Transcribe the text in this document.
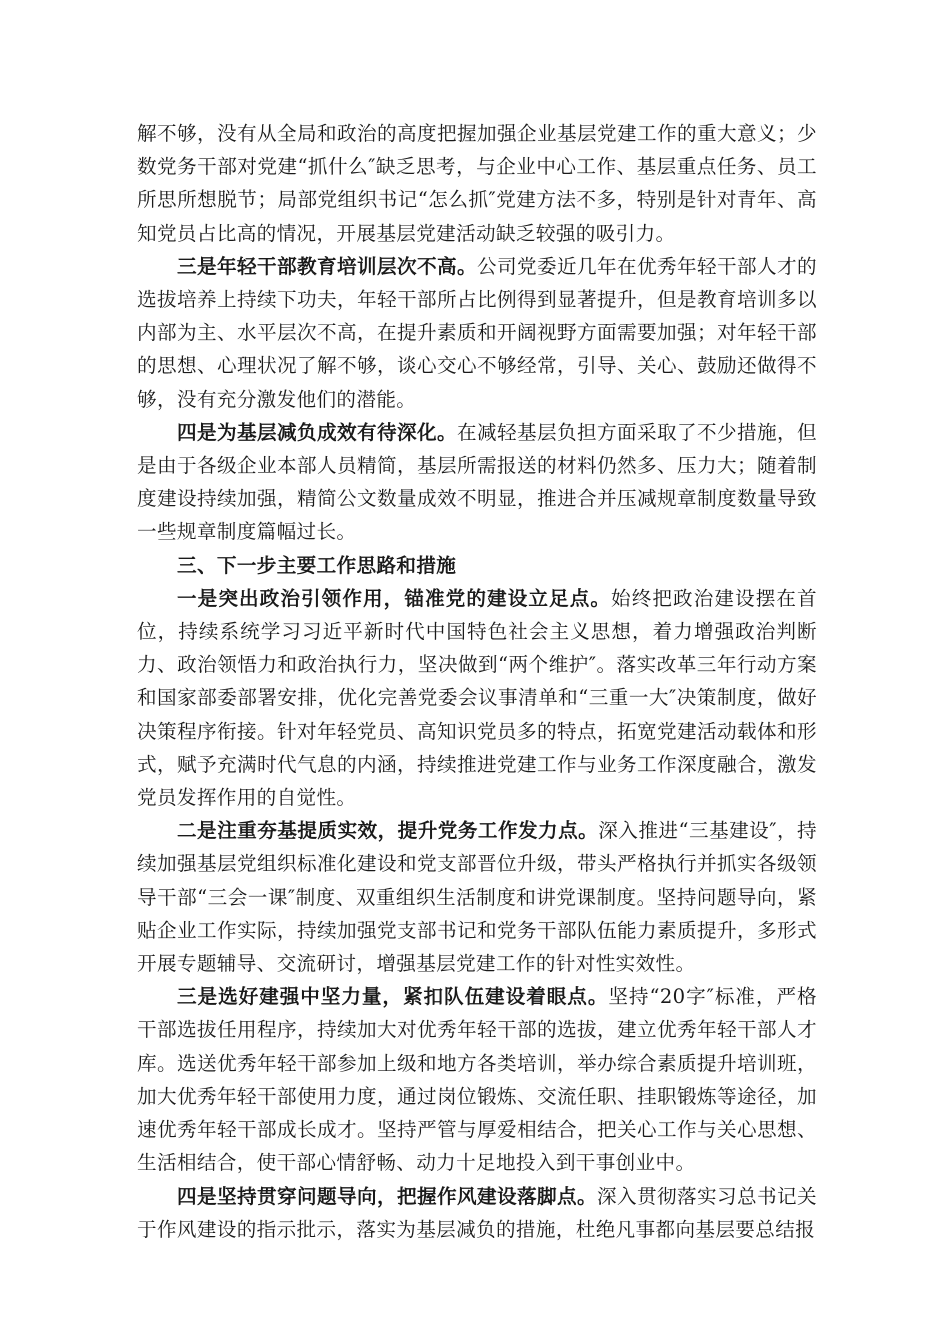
解不够，没有从全局和政治的高度把握加强企业基层党建工作的重大意义；少数党务干部对党建“抓什么″缺乏思考，与企业中心工作、基层重点任务、员工所思所想脱节；局部党组织书记“怎么抓″党建方法不多，特别是针对青年、高知党员占比高的情况，开展基层党建活动缺乏较强的吸引力。

三是年轻干部教育培训层次不高。公司党委近几年在优秀年轻干部人才的选拔培养上持续下功夫，年轻干部所占比例得到显著提升，但是教育培训多以内部为主、水平层次不高，在提升素质和开阔视野方面需要加强；对年轻干部的思想、心理状况了解不够，谈心交心不够经常，引导、关心、鼓励还做得不够，没有充分激发他们的潜能。

四是为基层减负成效有待深化。在减轻基层负担方面采取了不少措施，但是由于各级企业本部人员精简，基层所需报送的材料仍然多、压力大；随着制度建设持续加强，精简公文数量成效不明显，推进合并压减规章制度数量导致一些规章制度篇幅过长。

三、下一步主要工作思路和措施

一是突出政治引领作用，锚准党的建设立足点。始终把政治建设摆在首位，持续系统学习习近平新时代中国特色社会主义思想，着力增强政治判断力、政治领悟力和政治执行力，坚决做到“两个维护″。落实改革三年行动方案和国家部委部署安排，优化完善党委会议事清单和“三重一大″决策制度，做好决策程序衔接。针对年轻党员、高知识党员多的特点，拓宽党建活动载体和形式，赋予充满时代气息的内涵，持续推进党建工作与业务工作深度融合，激发党员发挥作用的自觉性。

二是注重夯基提质实效，提升党务工作发力点。深入推进“三基建设″，持续加强基层党组织标准化建设和党支部晋位升级，带头严格执行并抓实各级领导干部“三会一课″制度、双重组织生活制度和讲党课制度。坚持问题导向，紧贴企业工作实际，持续加强党支部书记和党务干部队伍能力素质提升，多形式开展专题辅导、交流研讨，增强基层党建工作的针对性实效性。

三是选好建强中坚力量，紧扣队伍建设着眼点。坚持“20字″标准，严格干部选拔任用程序，持续加大对优秀年轻干部的选拔，建立优秀年轻干部人才库。选送优秀年轻干部参加上级和地方各类培训，举办综合素质提升培训班，加大优秀年轻干部使用力度，通过岗位锻炼、交流任职、挂职锻炼等途径，加速优秀年轻干部成长成才。坚持严管与厚爱相结合，把关心工作与关心思想、生活相结合，使干部心情舒畅、动力十足地投入到干事创业中。

四是坚持贯穿问题导向，把握作风建设落脚点。深入贯彻落实习总书记关于作风建设的指示批示，落实为基层减负的措施，杜绝凡事都向基层要总结报
